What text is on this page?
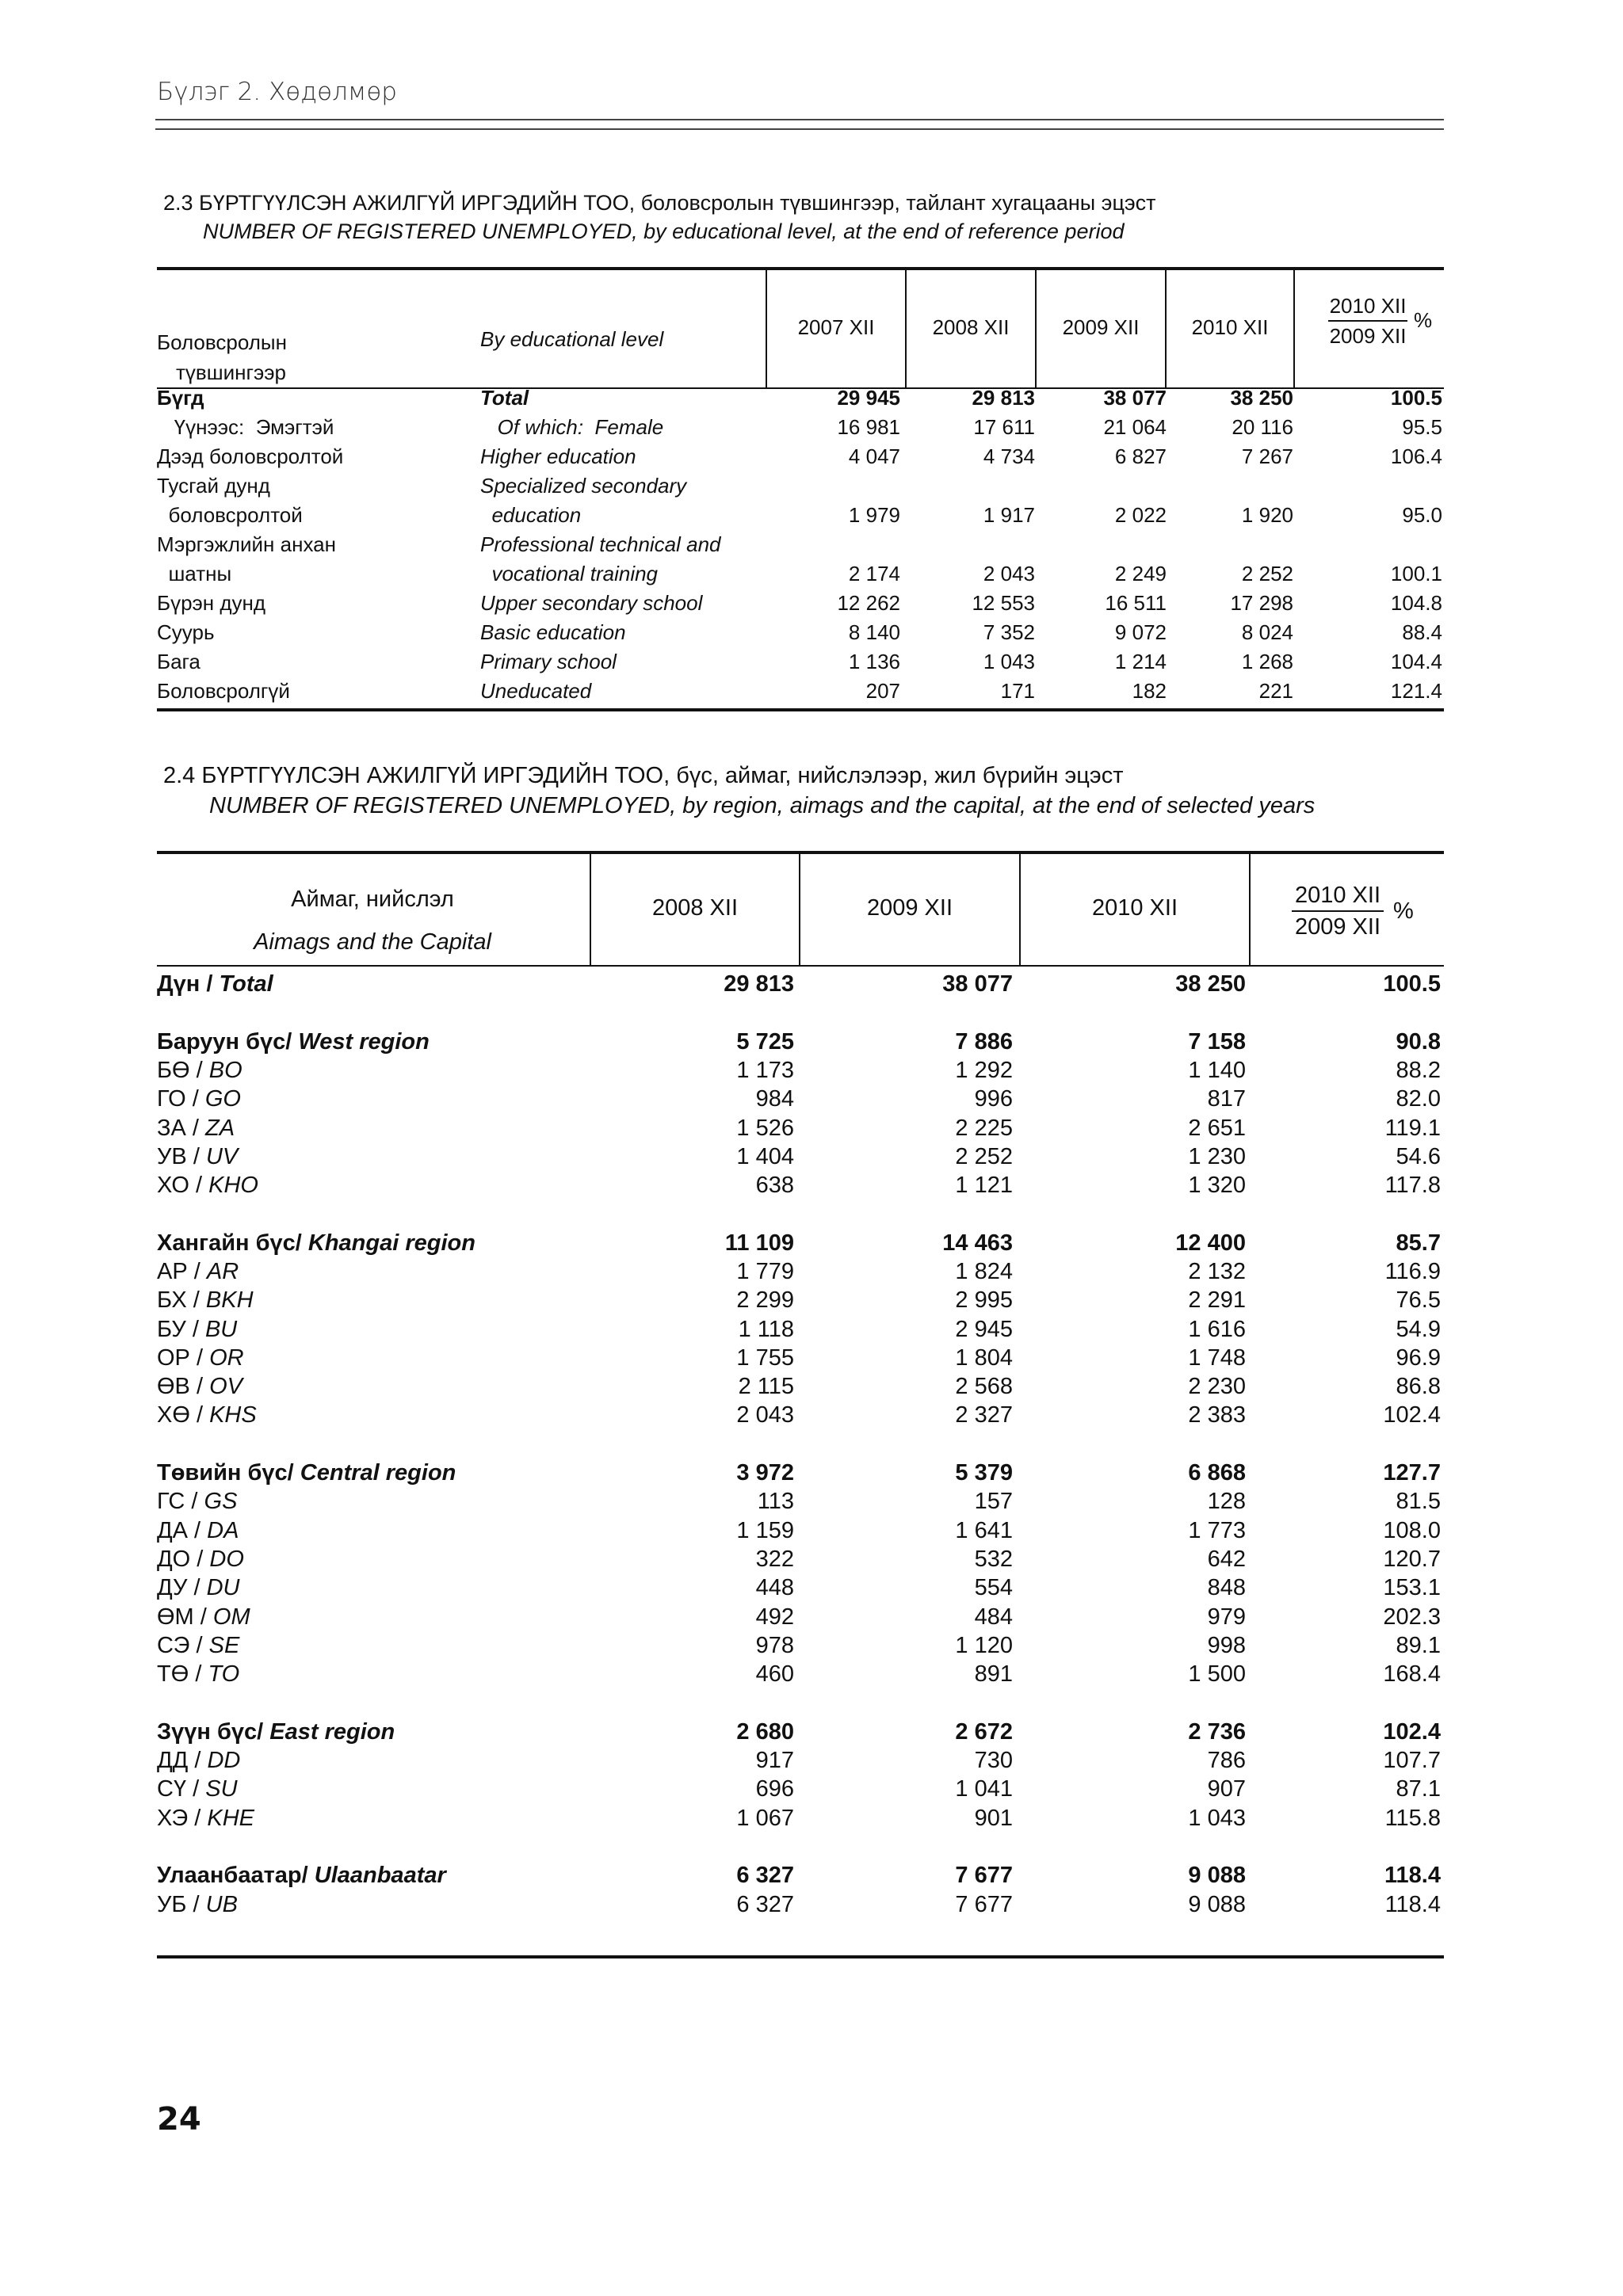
Бүлэг 2. Хөдөлмөр
2.3 БҮРТГҮҮЛСЭН АЖИЛГҮЙ ИРГЭДИЙН ТОО, боловсролын түвшингээр, тайлант хугацааны эцэст
NUMBER OF REGISTERED UNEMPLOYED, by educational level, at the end of reference period
Боловсролын
түвшингээр
By educational level
2007 XII	2008 XII	2009 XII	2010 XII
2010 XII
2009 XII
%
Бүгд	Total	29 945	29 813	38 077	38 250	100.5
Үүнээс:  Эмэгтэй	Of which:  Female	16 981	17 611	21 064	20 116	95.5
Дээд боловсролтой	Higher education	4 047	4 734	6 827	7 267	106.4
Тусгай дунд	Specialized secondary
боловсролтой	education	1 979	1 917	2 022	1 920	95.0
Мэргэжлийн анхан	Professional technical and
шатны	vocational training	2 174	2 043	2 249	2 252	100.1
Бүрэн дунд	Upper secondary school	12 262	12 553	16 511	17 298	104.8
Суурь	Basic education	8 140	7 352	9 072	8 024	88.4
Бага	Primary school	1 136	1 043	1 214	1 268	104.4
Боловсролгүй	Uneducated	207	171	182	221	121.4
2.4 БҮРТГҮҮЛСЭН АЖИЛГҮЙ ИРГЭДИЙН ТОО, бүс, аймаг, нийслэлээр, жил бүрийн эцэст
NUMBER OF REGISTERED UNEMPLOYED, by region, aimags and the capital, at the end of selected years
Аймаг, нийслэл
Aimags and the Capital
2008 XII	2009 XII	2010 XII	2010 XII
2009 XII
%
Дүн / Total	29 813	38 077	38 250	100.5
Баруун бүс/ West region	5 725	7 886	7 158	90.8
БӨ / BO	1 173	1 292	1 140	88.2
ГО / GO	984	996	817	82.0
ЗА / ZA	1 526	2 225	2 651	119.1
УВ / UV	1 404	2 252	1 230	54.6
ХО / KHO	638	1 121	1 320	117.8
Хангайн бүс/ Khangai region	11 109	14 463	12 400	85.7
АР / AR	1 779	1 824	2 132	116.9
БХ / BKH	2 299	2 995	2 291	76.5
БУ / BU	1 118	2 945	1 616	54.9
ОР / OR	1 755	1 804	1 748	96.9
ӨВ / OV	2 115	2 568	2 230	86.8
ХӨ / KHS	2 043	2 327	2 383	102.4
Төвийн бүс/ Central region	3 972	5 379	6 868	127.7
ГС / GS	113	157	128	81.5
ДА / DA	1 159	1 641	1 773	108.0
ДО / DO	322	532	642	120.7
ДУ / DU	448	554	848	153.1
ӨМ / OM	492	484	979	202.3
СЭ / SE	978	1 120	998	89.1
ТӨ / TO	460	891	1 500	168.4
Зүүн бүс/ East region	2 680	2 672	2 736	102.4
ДД / DD	917	730	786	107.7
СҮ / SU	696	1 041	907	87.1
ХЭ / KHE	1 067	901	1 043	115.8
Улаанбаатар/ Ulaanbaatar	6 327	7 677	9 088	118.4
УБ / UB	6 327	7 677	9 088	118.4
24
